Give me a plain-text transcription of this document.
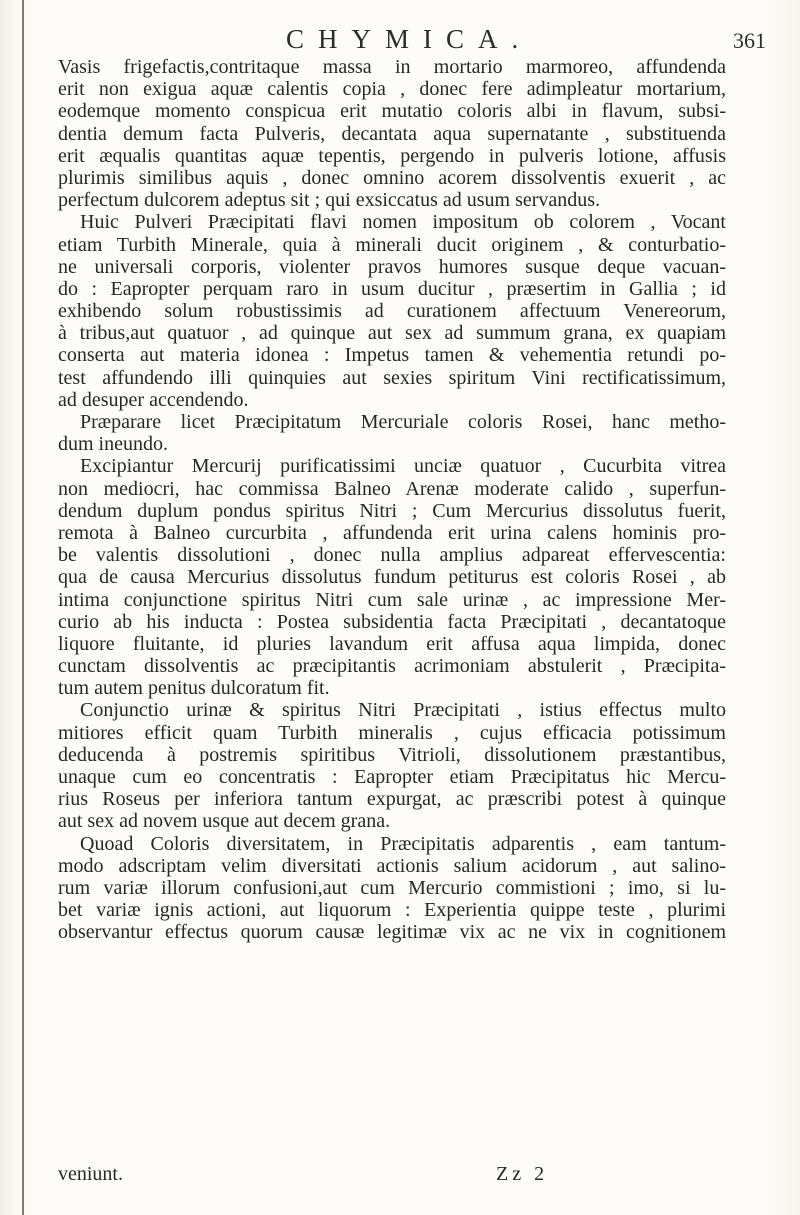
CHYMICA.	361
Vasis frigefactis,contritaque massa in mortario marmoreo, affundenda
erit non exigua aquæ calentis copia , donec fere adimpleatur mortarium,
eodemque momento conspicua erit mutatio coloris albi in flavum, subsi-
dentia demum facta Pulveris, decantata aqua supernatante , substituenda
erit æqualis quantitas aquæ tepentis, pergendo in pulveris lotione, affusis
plurimis similibus aquis , donec omnino acorem dissolventis exuerit , ac
perfectum dulcorem adeptus sit ; qui exsiccatus ad usum servandus.
Huic Pulveri Præcipitati flavi nomen impositum ob colorem , Vocant
etiam Turbith Minerale, quia à minerali ducit originem , & conturbatio-
ne universali corporis, violenter pravos humores susque deque vacuan-
do : Eapropter perquam raro in usum ducitur , præsertim in Gallia ; id
exhibendo solum robustissimis ad curationem affectuum Venereorum,
à tribus,aut quatuor , ad quinque aut sex ad summum grana, ex quapiam
conserta aut materia idonea : Impetus tamen & vehementia retundi po-
test affundendo illi quinquies aut sexies spiritum Vini rectificatissimum,
ad desuper accendendo.
Præparare licet Præcipitatum Mercuriale coloris Rosei, hanc metho-
dum ineundo.
Excipiantur Mercurij purificatissimi unciæ quatuor , Cucurbita vitrea
non mediocri, hac commissa Balneo Arenæ moderate calido , superfun-
dendum duplum pondus spiritus Nitri ; Cum Mercurius dissolutus fuerit,
remota à Balneo curcurbita , affundenda erit urina calens hominis pro-
be valentis dissolutioni , donec nulla amplius adpareat effervescentia:
qua de causa Mercurius dissolutus fundum petiturus est coloris Rosei , ab
intima conjunctione spiritus Nitri cum sale urinæ , ac impressione Mer-
curio ab his inducta : Postea subsidentia facta Præcipitati , decantatoque
liquore fluitante, id pluries lavandum erit affusa aqua limpida, donec
cunctam dissolventis ac præcipitantis acrimoniam abstulerit , Præcipita-
tum autem penitus dulcoratum fit.
Conjunctio urinæ & spiritus Nitri Præcipitati , istius effectus multo
mitiores efficit quam Turbith mineralis , cujus efficacia potissimum
deducenda à postremis spiritibus Vitrioli, dissolutionem præstantibus,
unaque cum eo concentratis : Eapropter etiam Præcipitatus hic Mercu-
rius Roseus per inferiora tantum expurgat, ac præscribi potest à quinque
aut sex ad novem usque aut decem grana.
Quoad Coloris diversitatem, in Præcipitatis adparentis , eam tantum-
modo adscriptam velim diversitati actionis salium acidorum , aut salino-
rum variæ illorum confusioni,aut cum Mercurio commistioni ; imo, si lu-
bet variæ ignis actioni, aut liquorum : Experientia quippe teste , plurimi
observantur effectus quorum causæ legitimæ vix ac ne vix in cognitionem
veniunt.	Zz 2
